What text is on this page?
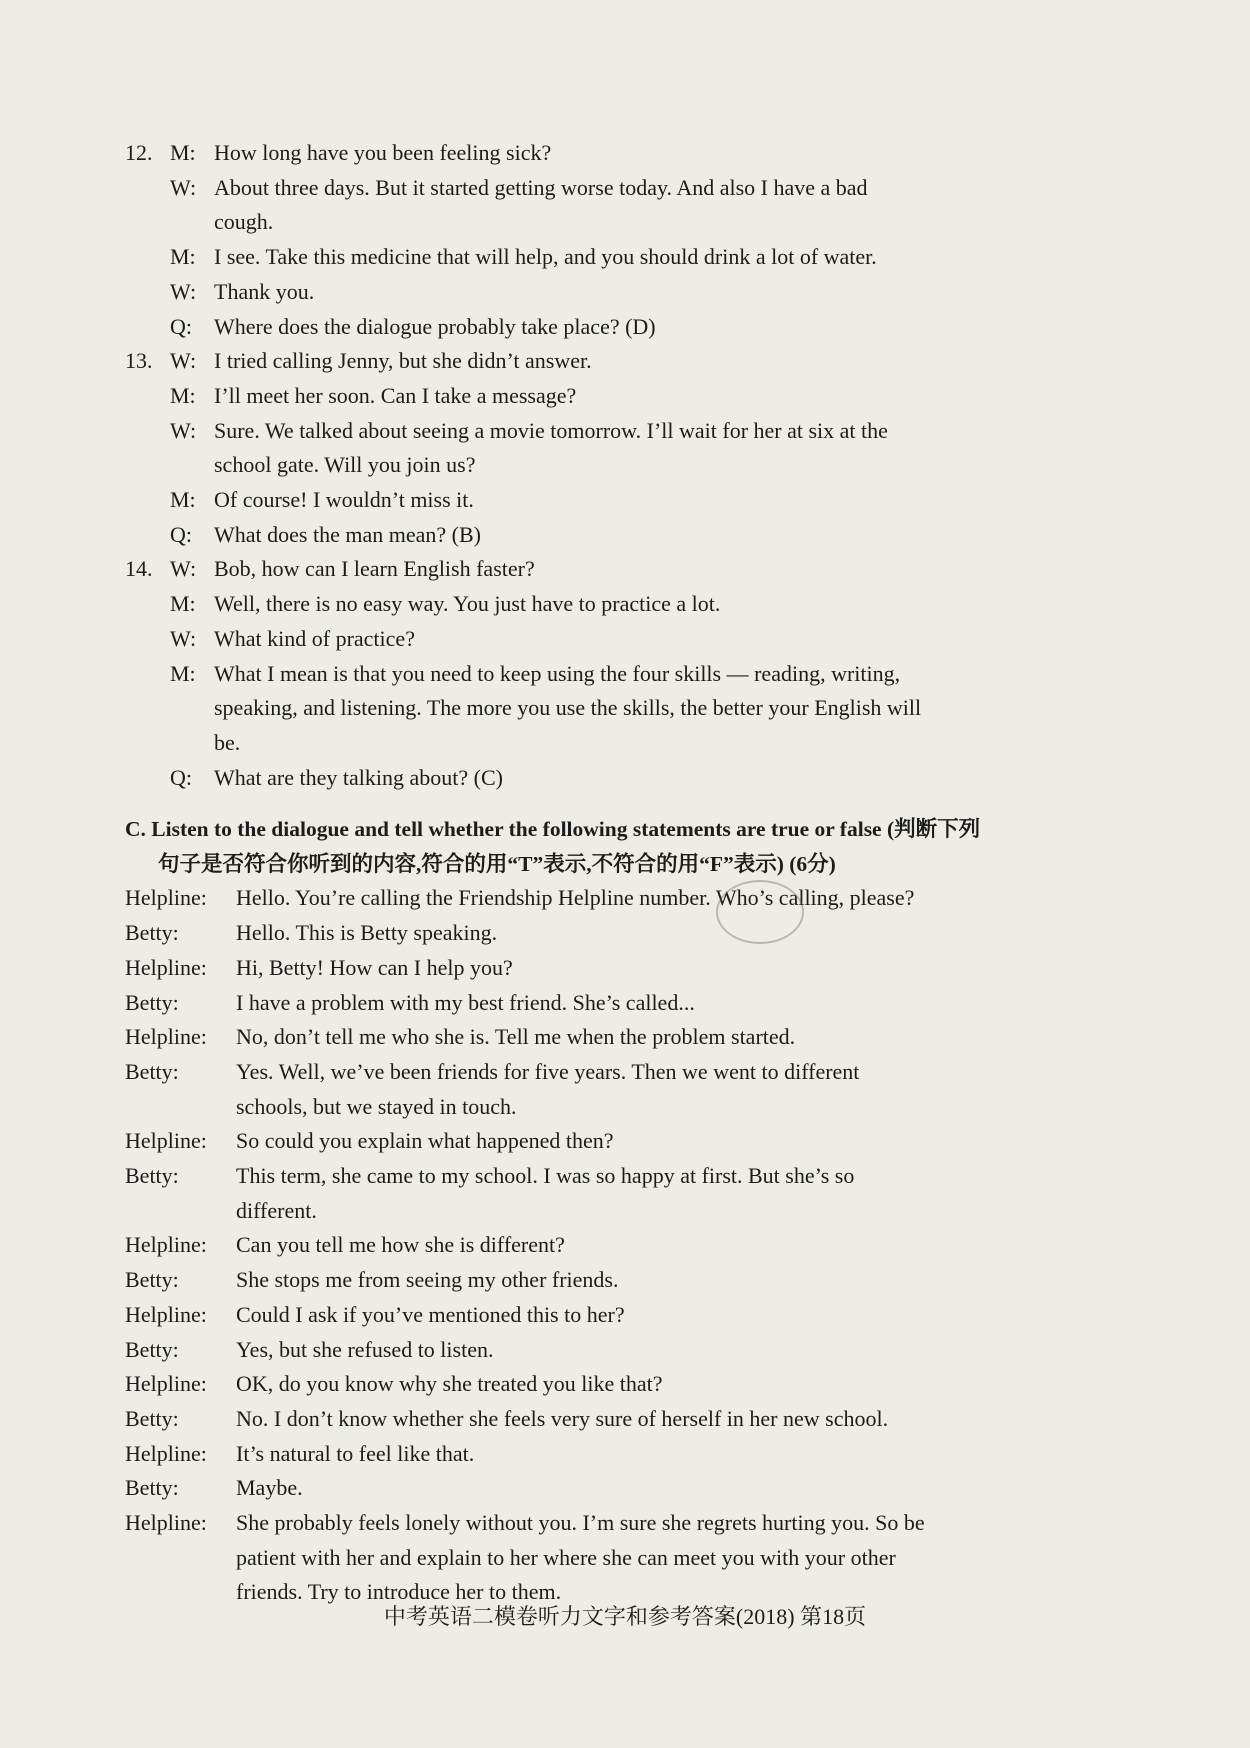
12. M: How long have you been feeling sick?
W: About three days. But it started getting worse today. And also I have a bad
cough.
M: I see. Take this medicine that will help, and you should drink a lot of water.
W: Thank you.
Q:	Where does the dialogue probably take place? (D)
13. W: I tried calling Jenny, but she didn’t answer.
M: I’ll meet her soon. Can I take a message?
W: Sure. We talked about seeing a movie tomorrow. I’ll wait for her at six at the
school gate. Will you join us?
M: Of course! I wouldn’t miss it.
Q:	What does the man mean? (B)
14. W: Bob, how can I learn English faster?
M: Well, there is no easy way. You just have to practice a lot.
W: What kind of practice?
M: What I mean is that you need to keep using the four skills — reading, writing,
speaking, and listening. The more you use the skills, the better your English will
be.
Q:	What are they talking about? (C)
C. Listen to the dialogue and tell whether the following statements are true or false (判断下列
句子是否符合你听到的内容,符合的用“T”表示,不符合的用“F”表示) (6分)
Helpline:	Hello. You’re calling the Friendship Helpline number. Who’s calling, please?
Betty:	Hello. This is Betty speaking.
Helpline:	Hi, Betty! How can I help you?
Betty:	I have a problem with my best friend. She’s called...
Helpline:	No, don’t tell me who she is. Tell me when the problem started.
Betty:	Yes. Well, we’ve been friends for five years. Then we went to different
schools, but we stayed in touch.
Helpline:	So could you explain what happened then?
Betty:	This term, she came to my school. I was so happy at first. But she’s so
different.
Helpline:	Can you tell me how she is different?
Betty:	She stops me from seeing my other friends.
Helpline:	Could I ask if you’ve mentioned this to her?
Betty:	Yes, but she refused to listen.
Helpline:	OK, do you know why she treated you like that?
Betty:	No. I don’t know whether she feels very sure of herself in her new school.
Helpline:	It’s natural to feel like that.
Betty:	Maybe.
Helpline:	She probably feels lonely without you. I’m sure she regrets hurting you. So be
patient with her and explain to her where she can meet you with your other
friends. Try to introduce her to them.
中考英语二模卷听力文字和参考答案(2018) 第18页
